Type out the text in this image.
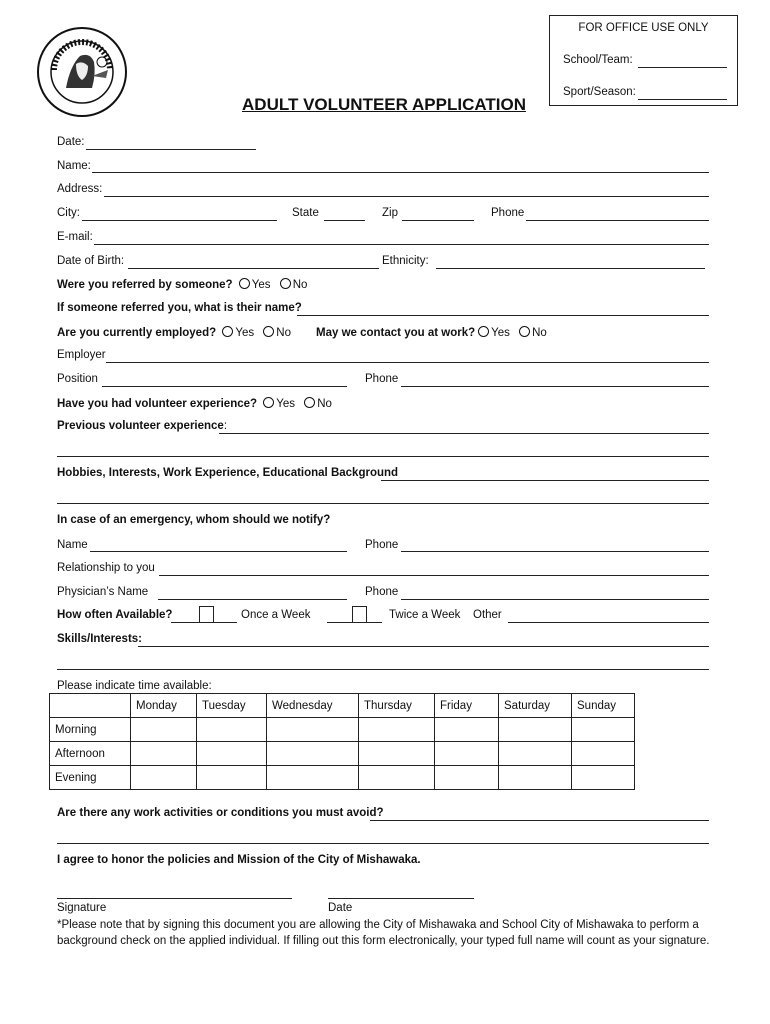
FOR OFFICE USE ONLY
School/Team:
Sport/Season:
ADULT VOLUNTEER APPLICATION
Date:
Name:
Address:
City:	State	Zip	Phone
E-mail:
Date of Birth:	Ethnicity:
Were you referred by someone? Yes No
If someone referred you, what is their name?
Are you currently employed? Yes No May we contact you at work? Yes No
Employer
Position	Phone
Have you had volunteer experience? Yes No
Previous volunteer experience:
Hobbies, Interests, Work Experience, Educational Background
In case of an emergency, whom should we notify?
Name	Phone
Relationship to you
Physician’s Name	Phone
How often Available?	Once a Week	Twice a Week Other
Skills/Interests:
Please indicate time available:
	Monday	Tuesday	Wednesday	Thursday	Friday	Saturday	Sunday
Morning							
Afternoon							
Evening							
Are there any work activities or conditions you must avoid?
I agree to honor the policies and Mission of the City of Mishawaka.
Signature	Date
*Please note that by signing this document you are allowing the City of Mishawaka and School City of Mishawaka to perform a background check on the applied individual. If filling out this form electronically, your typed full name will count as your signature.
